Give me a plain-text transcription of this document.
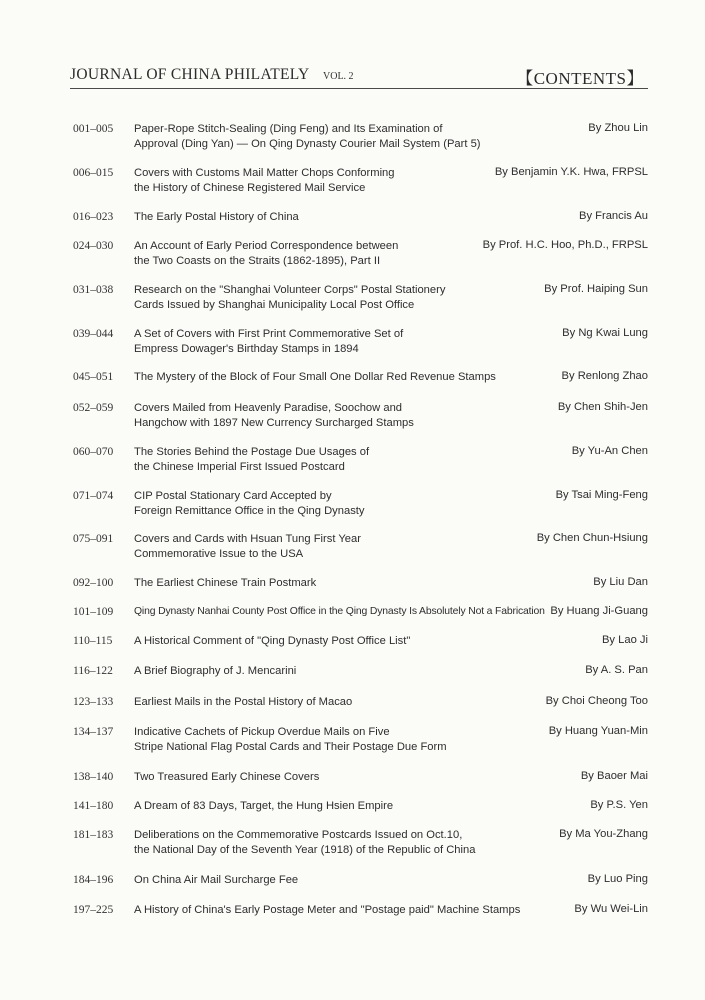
JOURNAL OF CHINA PHILATELY VOL. 2	【CONTENTS】
001–005 Paper-Rope Stitch-Sealing (Ding Feng) and Its Examination of
Approval (Ding Yan) — On Qing Dynasty Courier Mail System (Part 5)
By Zhou Lin
006–015 Covers with Customs Mail Matter Chops Conforming
the History of Chinese Registered Mail Service
By Benjamin Y.K. Hwa, FRPSL
016–023 The Early Postal History of China	By Francis Au
024–030 An Account of Early Period Correspondence between
the Two Coasts on the Straits (1862-1895), Part II
By Prof. H.C. Hoo, Ph.D., FRPSL
031–038 Research on the "Shanghai Volunteer Corps" Postal Stationery
Cards Issued by Shanghai Municipality Local Post Office
By Prof. Haiping Sun
039–044 A Set of Covers with First Print Commemorative Set of
Empress Dowager's Birthday Stamps in 1894
By Ng Kwai Lung
045–051 The Mystery of the Block of Four Small One Dollar Red Revenue Stamps	By Renlong Zhao
052–059 Covers Mailed from Heavenly Paradise, Soochow and
Hangchow with 1897 New Currency Surcharged Stamps
By Chen Shih-Jen
060–070 The Stories Behind the Postage Due Usages of
the Chinese Imperial First Issued Postcard
By Yu-An Chen
071–074 CIP Postal Stationary Card Accepted by
Foreign Remittance Office in the Qing Dynasty
By Tsai Ming-Feng
075–091 Covers and Cards with Hsuan Tung First Year
Commemorative Issue to the USA
By Chen Chun-Hsiung
092–100 The Earliest Chinese Train Postmark	By Liu Dan
101–109 Qing Dynasty Nanhai County Post Office in the Qing Dynasty Is Absolutely Not a Fabrication By Huang Ji-Guang
110–115 A Historical Comment of "Qing Dynasty Post Office List"	By Lao Ji
116–122 A Brief Biography of J. Mencarini	By A. S. Pan
123–133 Earliest Mails in the Postal History of Macao	By Choi Cheong Too
134–137 Indicative Cachets of Pickup Overdue Mails on Five
Stripe National Flag Postal Cards and Their Postage Due Form
By Huang Yuan-Min
138–140 Two Treasured Early Chinese Covers	By Baoer Mai
141–180 A Dream of 83 Days, Target, the Hung Hsien Empire	By P.S. Yen
181–183 Deliberations on the Commemorative Postcards Issued on Oct.10,
the National Day of the Seventh Year (1918) of the Republic of China
By Ma You-Zhang
184–196 On China Air Mail Surcharge Fee	By Luo Ping
197–225 A History of China's Early Postage Meter and "Postage paid" Machine Stamps	By Wu Wei-Lin
